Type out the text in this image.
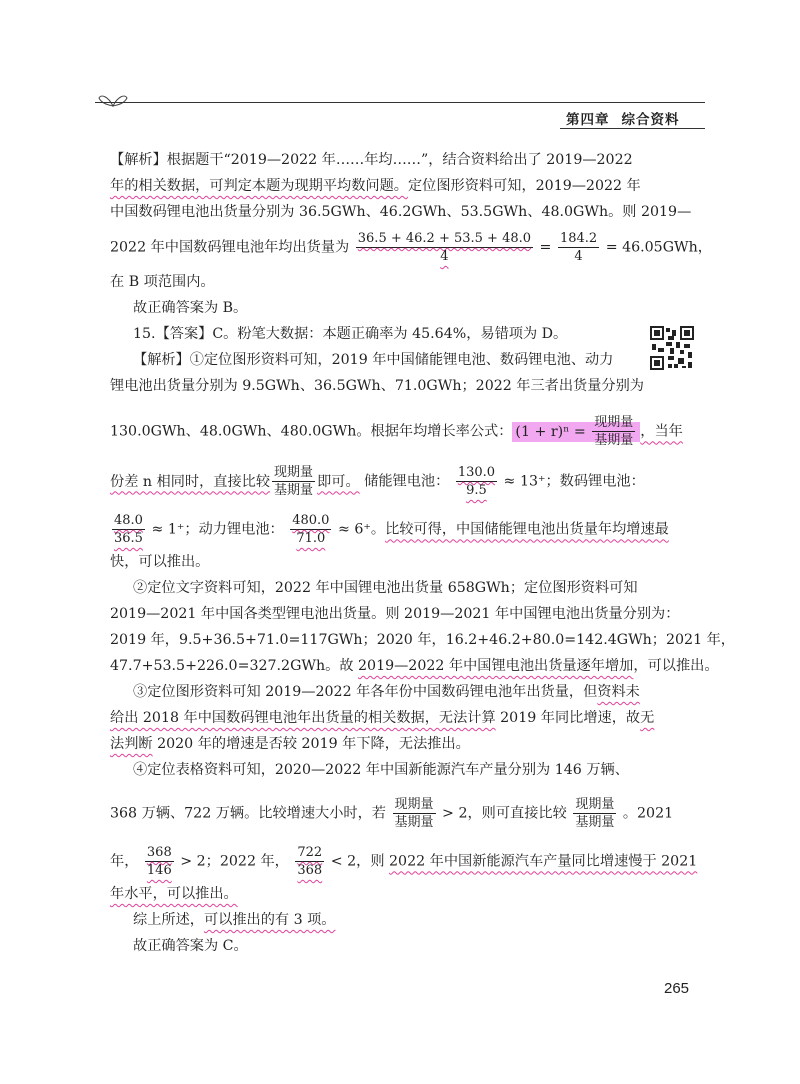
第四章 综合资料
【解析】根据题干“2019—2022 年……年均……”，结合资料给出了 2019—2022
年的相关数据，可判定本题为现期平均数问题。定位图形资料可知，2019—2022 年
中国数码锂电池出货量分别为 36.5GWh、46.2GWh、53.5GWh、48.0GWh。则 2019—
2022 年中国数码锂电池年均出货量为 $\frac{36.5 + 46.2 + 53.5 + 48.0}{4} = \frac{184.2}{4} = 46.05GWh$，
在 B 项范围内。
故正确答案为 B。
15.【答案】C。粉笔大数据：本题正确率为 45.64%，易错项为 D。
【解析】①定位图形资料可知，2019 年中国储能锂电池、数码锂电池、动力
锂电池出货量分别为 9.5GWh、36.5GWh、71.0GWh；2022 年三者出货量分别为
130.0GWh、48.0GWh、480.0GWh。根据年均增长率公式： $(1 + r)^n = \frac{\text{现期量}}{\text{基期量}}$ ，当年
份差 n 相同时，直接比较 $\frac{\text{现期量}}{\text{基期量}}$ 即可。 储能锂电池： $\frac{130.0}{9.5} \approx 13^+$；数码锂电池：
$\frac{48.0}{36.5} \approx 1^+$；动力锂电池： $\frac{480.0}{71.0} \approx 6^+$。比较可得，中国储能锂电池出货量年均增速最
快，可以推出。
②定位文字资料可知，2022 年中国锂电池出货量 658GWh；定位图形资料可知
2019—2021 年中国各类型锂电池出货量。则 2019—2021 年中国锂电池出货量分别为：
2019 年，9.5+36.5+71.0=117GWh；2020 年，16.2+46.2+80.0=142.4GWh；2021 年，
47.7+53.5+226.0=327.2GWh。故 2019—2022 年中国锂电池出货量逐年增加，可以推出。
③定位图形资料可知 2019—2022 年各年份中国数码锂电池年出货量，但资料未
给出 2018 年中国数码锂电池年出货量的相关数据，无法计算 2019 年同比增速，故无
法判断 2020 年的增速是否较 2019 年下降，无法推出。
④定位表格资料可知，2020—2022 年中国新能源汽车产量分别为 146 万辆、
368 万辆、722 万辆。比较增速大小时，若 $\frac{\text{现期量}}{\text{基期量}} > 2$，则可直接比较 $\frac{\text{现期量}}{\text{基期量}}$ 。2021
年， $\frac{368}{146} > 2$；2022 年， $\frac{722}{368} < 2$，则 2022 年中国新能源汽车产量同比增速慢于 2021
年水平，可以推出。
综上所述，可以推出的有 3 项。
故正确答案为 C。
265
